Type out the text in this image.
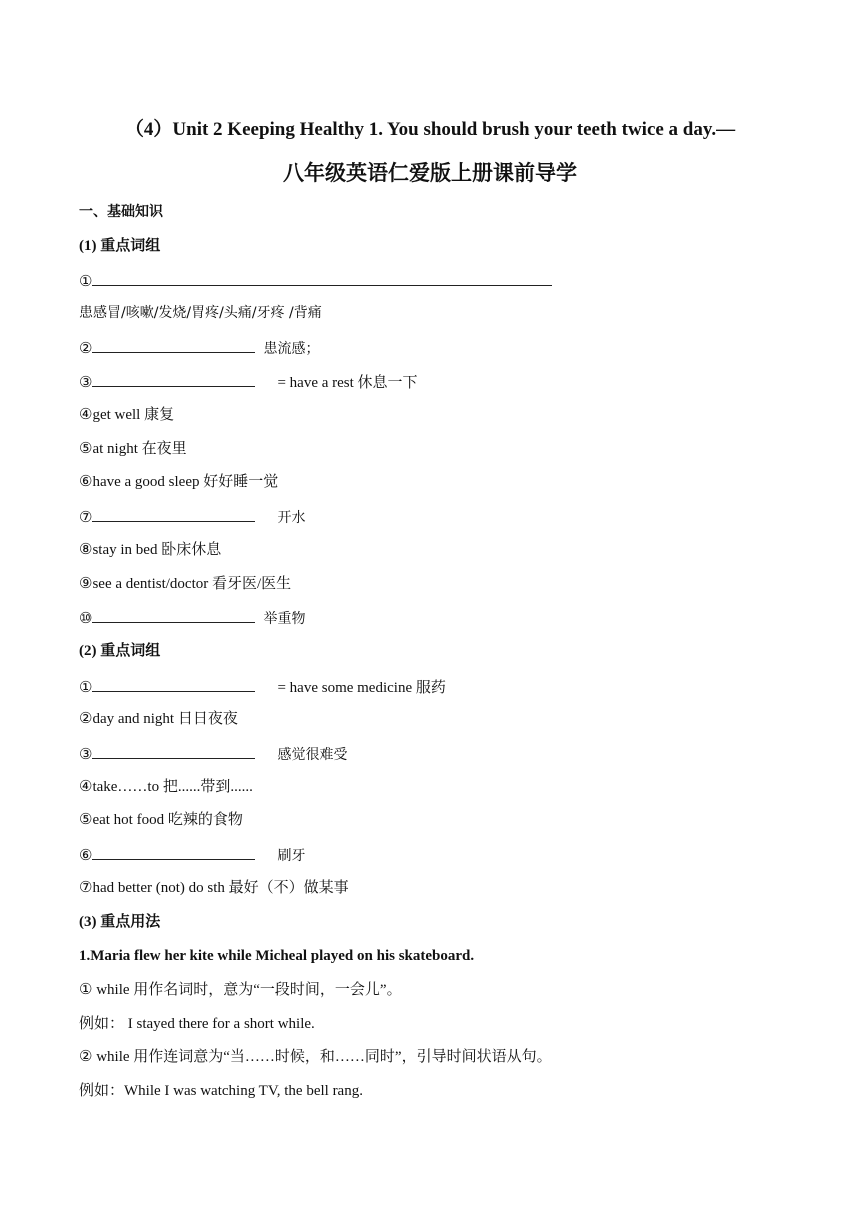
（4）Unit 2 Keeping Healthy 1. You should brush your teeth twice a day.—
八年级英语仁爱版上册课前导学
一、基础知识
(1) 重点词组
①
患感冒/咳嗽/发烧/胃疼/头痛/牙疼 /背痛
②	患流感；
③	= have a rest 休息一下
④get well 康复
⑤at night 在夜里
⑥have a good sleep 好好睡一觉
⑦	开水
⑧stay in bed 卧床休息
⑨see a dentist/doctor 看牙医/医生
⑩	举重物
(2) 重点词组
①	= have some medicine 服药
②day and night 日日夜夜
③	感觉很难受
④take……to 把......带到......
⑤eat hot food 吃辣的食物
⑥	刷牙
⑦had better (not) do sth 最好（不）做某事
(3) 重点用法
1.Maria flew her kite while Micheal played on his skateboard.
① while 用作名词时，意为“一段时间，一会儿”。
例如： I stayed there for a short while.
② while 用作连词意为“当……时候，和……同时”，引导时间状语从句。
例如：While I was watching TV, the bell rang.
